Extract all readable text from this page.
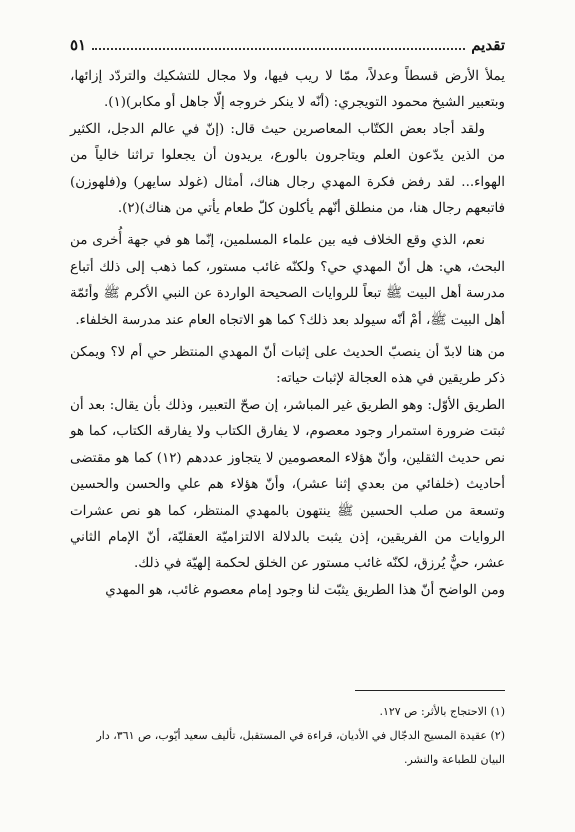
٥١	تقديم

يملأ الأرض قسطاً وعدلاً، ممّا لا ريب فيها، ولا مجال للتشكيك والتردّد إزائها، وبتعبير الشيخ محمود التويجري: (أنّه لا ينكر خروجه إلّا جاهل أو مكابر)(١).

ولقد أجاد بعض الكتّاب المعاصرين حيث قال: (إنّ في عالم الدجل، الكثير من الذين يدّعون العلم ويتاجرون بالورع، يريدون أن يجعلوا تراثنا خالياً من الهواء... لقد رفض فكرة المهدي رجال هناك، أمثال (غولد سايهر) و(فلهوزن) فاتبعهم رجال هنا، من منطلق أنّهم يأكلون كلّ طعام يأتي من هناك)(٢).

نعم، الذي وقع الخلاف فيه بين علماء المسلمين، إنّما هو في جهة أُخرى من البحث، هي: هل أنّ المهدي حي؟ ولكنّه غائب مستور، كما ذهب إلى ذلك أتباع مدرسة أهل البيت ﷺ تبعاً للروايات الصحيحة الواردة عن النبي الأكرم ﷺ وأئمّة أهل البيت ﷺ، أمْ أنّه سيولد بعد ذلك؟ كما هو الاتجاه العام عند مدرسة الخلفاء.

من هنا لابدّ أن ينصبّ الحديث على إثبات أنّ المهدي المنتظر حي أم لا؟ ويمكن ذكر طريقين في هذه العجالة لإثبات حياته:

الطريق الأوّل: وهو الطريق غير المباشر، إن صحّ التعبير، وذلك بأن يقال: بعد أن ثبتت ضرورة استمرار وجود معصوم، لا يفارق الكتاب ولا يفارقه الكتاب، كما هو نص حديث الثقلين، وأنّ هؤلاء المعصومين لا يتجاوز عددهم (١٢) كما هو مقتضى أحاديث (خلفائي من بعدي إثنا عشر)، وأنّ هؤلاء هم علي والحسن والحسين وتسعة من صلب الحسين ﷺ ينتهون بالمهدي المنتظر، كما هو نص عشرات الروايات من الفريقين، إذن يثبت بالدلالة الالتزاميّة العقليّة، أنّ الإمام الثاني عشر، حيٌّ يُرزق، لكنّه غائب مستور عن الخلق لحكمة إلهيّة في ذلك.

ومن الواضح أنّ هذا الطريق يثبّت لنا وجود إمام معصوم غائب، هو المهدي

(١) الاحتجاج بالأثر: ص ١٢٧.

(٢) عقيدة المسيح الدجّال في الأديان، قراءة في المستقبل، تأليف سعيد أيّوب، ص ٣٦١، دار البيان للطباعة والنشر.
